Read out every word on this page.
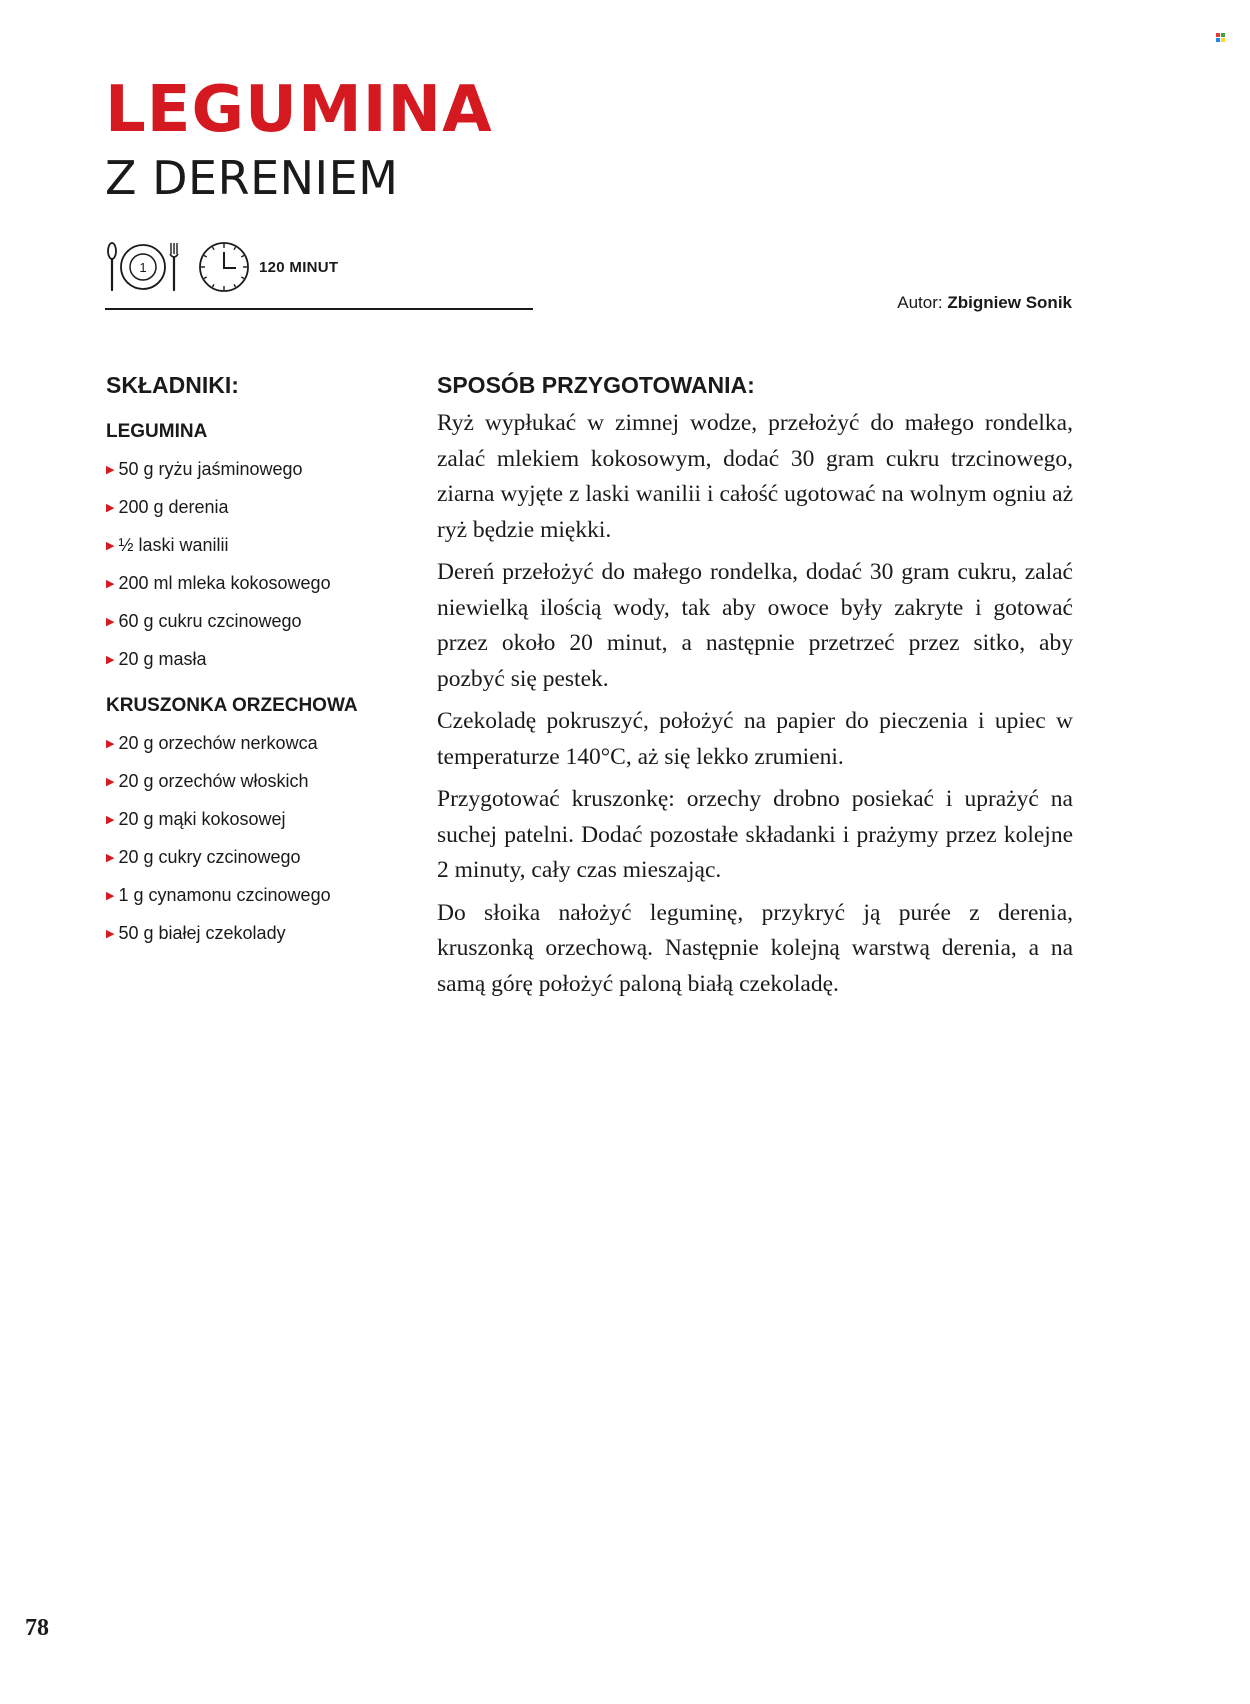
LEGUMINA
Z DERENIEM
1	120 MINUT
Autor: Zbigniew Sonik
SKŁADNIKI:
LEGUMINA
▶ 50 g ryżu jaśminowego
▶ 200 g derenia
▶ ½ laski wanilii
▶ 200 ml mleka kokosowego
▶ 60 g cukru czcinowego
▶ 20 g masła
KRUSZONKA ORZECHOWA
▶ 20 g orzechów nerkowca
▶ 20 g orzechów włoskich
▶ 20 g mąki kokosowej
▶ 20 g cukry czcinowego
▶ 1 g cynamonu czcinowego
▶ 50 g białej czekolady
SPOSÓB PRZYGOTOWANIA:

Ryż wypłukać w zimnej wodze, przełożyć do małego rondelka, zalać mlekiem kokosowym, dodać 30 gram cukru trzcinowego, ziarna wyjęte z laski wanilii i całość ugotować na wolnym ogniu aż ryż będzie miękki.

Dereń przełożyć do małego rondelka, dodać 30 gram cukru, zalać niewielką ilością wody, tak aby owoce były zakryte i gotować przez około 20 minut, a następnie przetrzeć przez sitko, aby pozbyć się pestek.

Czekoladę pokruszyć, położyć na papier do pieczenia i upiec w temperaturze 140°C, aż się lekko zrumieni.

Przygotować kruszonkę: orzechy drobno posiekać i uprażyć na suchej patelni. Dodać pozostałe składanki i prażymy przez kolejne 2 minuty, cały czas mieszając.

Do słoika nałożyć leguminę, przykryć ją purée z derenia, kruszonką orzechową. Następnie kolejną warstwą derenia, a na samą górę położyć paloną białą czekoladę.

78
